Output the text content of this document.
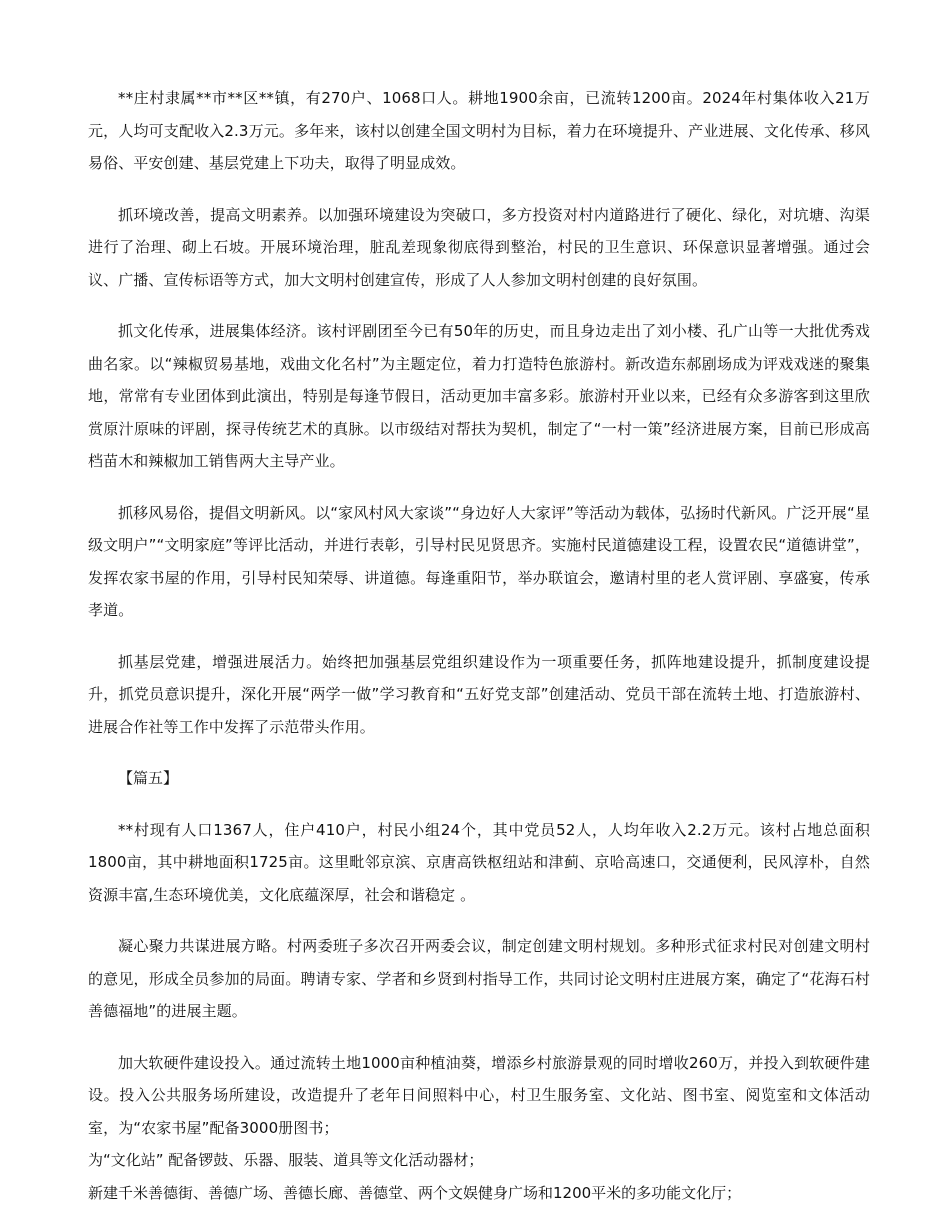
**庄村隶属**市**区**镇，有270户、1068口人。耕地1900余亩，已流转1200亩。2024年村集体收入21万元，人均可支配收入2.3万元。多年来，该村以创建全国文明村为目标，着力在环境提升、产业进展、文化传承、移风易俗、平安创建、基层党建上下功夫，取得了明显成效。

抓环境改善，提高文明素养。以加强环境建设为突破口，多方投资对村内道路进行了硬化、绿化，对坑塘、沟渠进行了治理、砌上石坡。开展环境治理，脏乱差现象彻底得到整治，村民的卫生意识、环保意识显著增强。通过会议、广播、宣传标语等方式，加大文明村创建宣传，形成了人人参加文明村创建的良好氛围。

抓文化传承，进展集体经济。该村评剧团至今已有50年的历史，而且身边走出了刘小楼、孔广山等一大批优秀戏曲名家。以“辣椒贸易基地，戏曲文化名村”为主题定位，着力打造特色旅游村。新改造东郝剧场成为评戏戏迷的聚集地，常常有专业团体到此演出，特别是每逢节假日，活动更加丰富多彩。旅游村开业以来，已经有众多游客到这里欣赏原汁原味的评剧，探寻传统艺术的真脉。以市级结对帮扶为契机，制定了“一村一策”经济进展方案，目前已形成高档苗木和辣椒加工销售两大主导产业。

抓移风易俗，提倡文明新风。以“家风村风大家谈”“身边好人大家评”等活动为载体，弘扬时代新风。广泛开展“星级文明户”“文明家庭”等评比活动，并进行表彰，引导村民见贤思齐。实施村民道德建设工程，设置农民“道德讲堂”，发挥农家书屋的作用，引导村民知荣辱、讲道德。每逢重阳节，举办联谊会，邀请村里的老人赏评剧、享盛宴，传承孝道。

抓基层党建，增强进展活力。始终把加强基层党组织建设作为一项重要任务，抓阵地建设提升，抓制度建设提升，抓党员意识提升，深化开展“两学一做”学习教育和“五好党支部”创建活动、党员干部在流转土地、打造旅游村、进展合作社等工作中发挥了示范带头作用。

【篇五】

**村现有人口1367人，住户410户，村民小组24个，其中党员52人，人均年收入2.2万元。该村占地总面积1800亩，其中耕地面积1725亩。这里毗邻京滨、京唐高铁枢纽站和津蓟、京哈高速口，交通便利，民风淳朴，自然资源丰富,生态环境优美，文化底蕴深厚，社会和谐稳定 。

凝心聚力共谋进展方略。村两委班子多次召开两委会议，制定创建文明村规划。多种形式征求村民对创建文明村的意见，形成全员参加的局面。聘请专家、学者和乡贤到村指导工作，共同讨论文明村庄进展方案，确定了“花海石村 善德福地”的进展主题。

加大软硬件建设投入。通过流转土地1000亩种植油葵，增添乡村旅游景观的同时增收260万，并投入到软硬件建设。投入公共服务场所建设，改造提升了老年日间照料中心，村卫生服务室、文化站、图书室、阅览室和文体活动室，为“农家书屋”配备3000册图书；

为“文化站” 配备锣鼓、乐器、服装、道具等文化活动器材；

新建千米善德街、善德广场、善德长廊、善德堂、两个文娱健身广场和1200平米的多功能文化厅；
